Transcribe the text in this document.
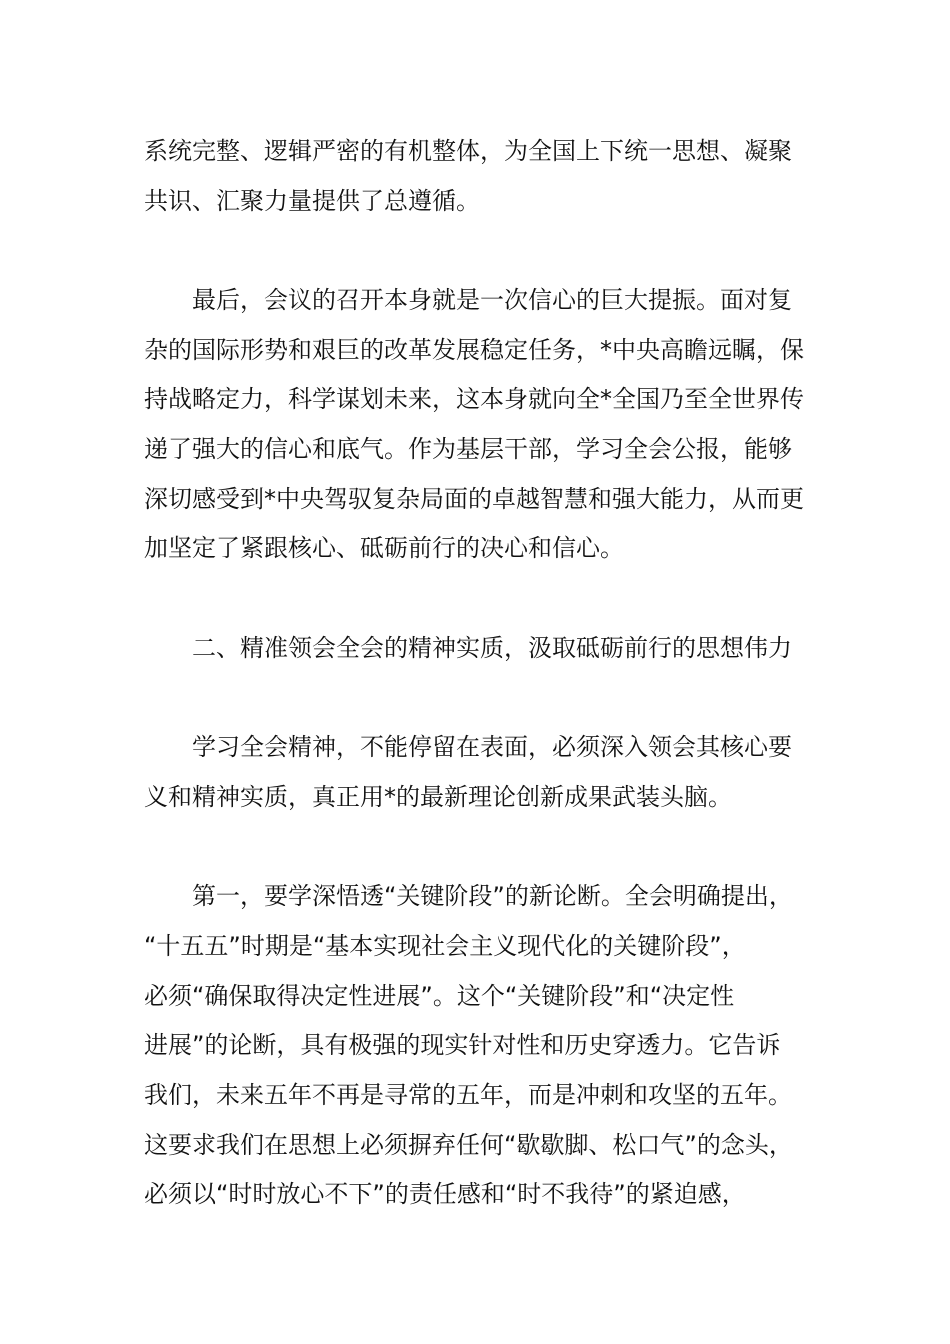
系统完整、逻辑严密的有机整体，为全国上下统一思想、凝聚
共识、汇聚力量提供了总遵循。
最后，会议的召开本身就是一次信心的巨大提振。面对复
杂的国际形势和艰巨的改革发展稳定任务，*中央高瞻远瞩，保
持战略定力，科学谋划未来，这本身就向全*全国乃至全世界传
递了强大的信心和底气。作为基层干部，学习全会公报，能够
深切感受到*中央驾驭复杂局面的卓越智慧和强大能力，从而更
加坚定了紧跟核心、砥砺前行的决心和信心。
二、精准领会全会的精神实质，汲取砥砺前行的思想伟力
学习全会精神，不能停留在表面，必须深入领会其核心要
义和精神实质，真正用*的最新理论创新成果武装头脑。
第一，要学深悟透“关键阶段”的新论断。全会明确提出，
“十五五”时期是“基本实现社会主义现代化的关键阶段”，
必须“确保取得决定性进展”。这个“关键阶段”和“决定性
进展”的论断，具有极强的现实针对性和历史穿透力。它告诉
我们，未来五年不再是寻常的五年，而是冲刺和攻坚的五年。
这要求我们在思想上必须摒弃任何“歇歇脚、松口气”的念头，
必须以“时时放心不下”的责任感和“时不我待”的紧迫感，
